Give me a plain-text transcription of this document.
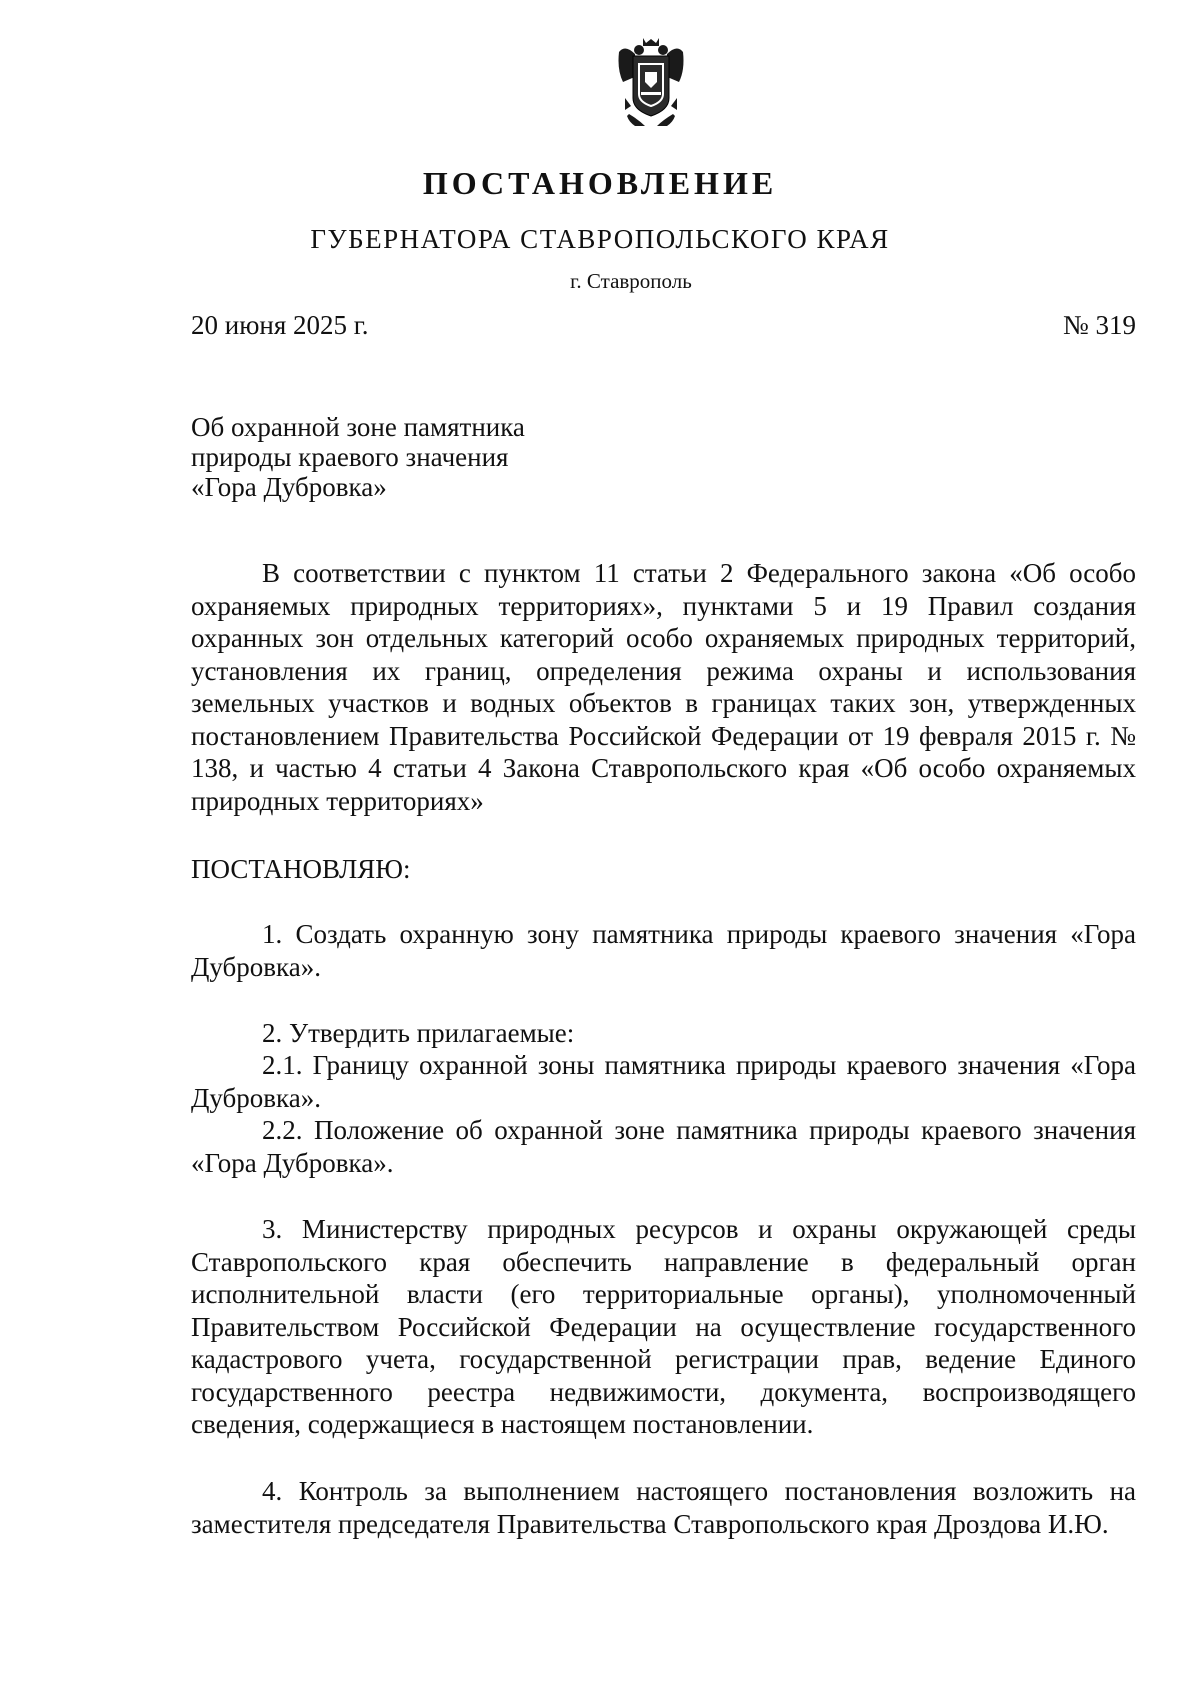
ПОСТАНОВЛЕНИЕ
ГУБЕРНАТОРА СТАВРОПОЛЬСКОГО КРАЯ
г. Ставрополь
20 июня 2025 г.	№ 319
Об охранной зоне памятника
природы краевого значения
«Гора Дубровка»

В соответствии с пунктом 11 статьи 2 Федерального закона «Об особо охраняемых природных территориях», пунктами 5 и 19 Правил создания охранных зон отдельных категорий особо охраняемых природных территорий, установления их границ, определения режима охраны и использования земельных участков и водных объектов в границах таких зон, утвержденных постановлением Правительства Российской Федерации от 19 февраля 2015 г. № 138, и частью 4 статьи 4 Закона Ставропольского края «Об особо охраняемых природных территориях»

ПОСТАНОВЛЯЮ:

1. Создать охранную зону памятника природы краевого значения «Гора Дубровка».

2. Утвердить прилагаемые:

2.1. Границу охранной зоны памятника природы краевого значения «Гора Дубровка».

2.2. Положение об охранной зоне памятника природы краевого значения «Гора Дубровка».

3. Министерству природных ресурсов и охраны окружающей среды Ставропольского края обеспечить направление в федеральный орган исполнительной власти (его территориальные органы), уполномоченный Правительством Российской Федерации на осуществление государственного кадастрового учета, государственной регистрации прав, ведение Единого государственного реестра недвижимости, документа, воспроизводящего сведения, содержащиеся в настоящем постановлении.

4. Контроль за выполнением настоящего постановления возложить на заместителя председателя Правительства Ставропольского края Дроздова И.Ю.
